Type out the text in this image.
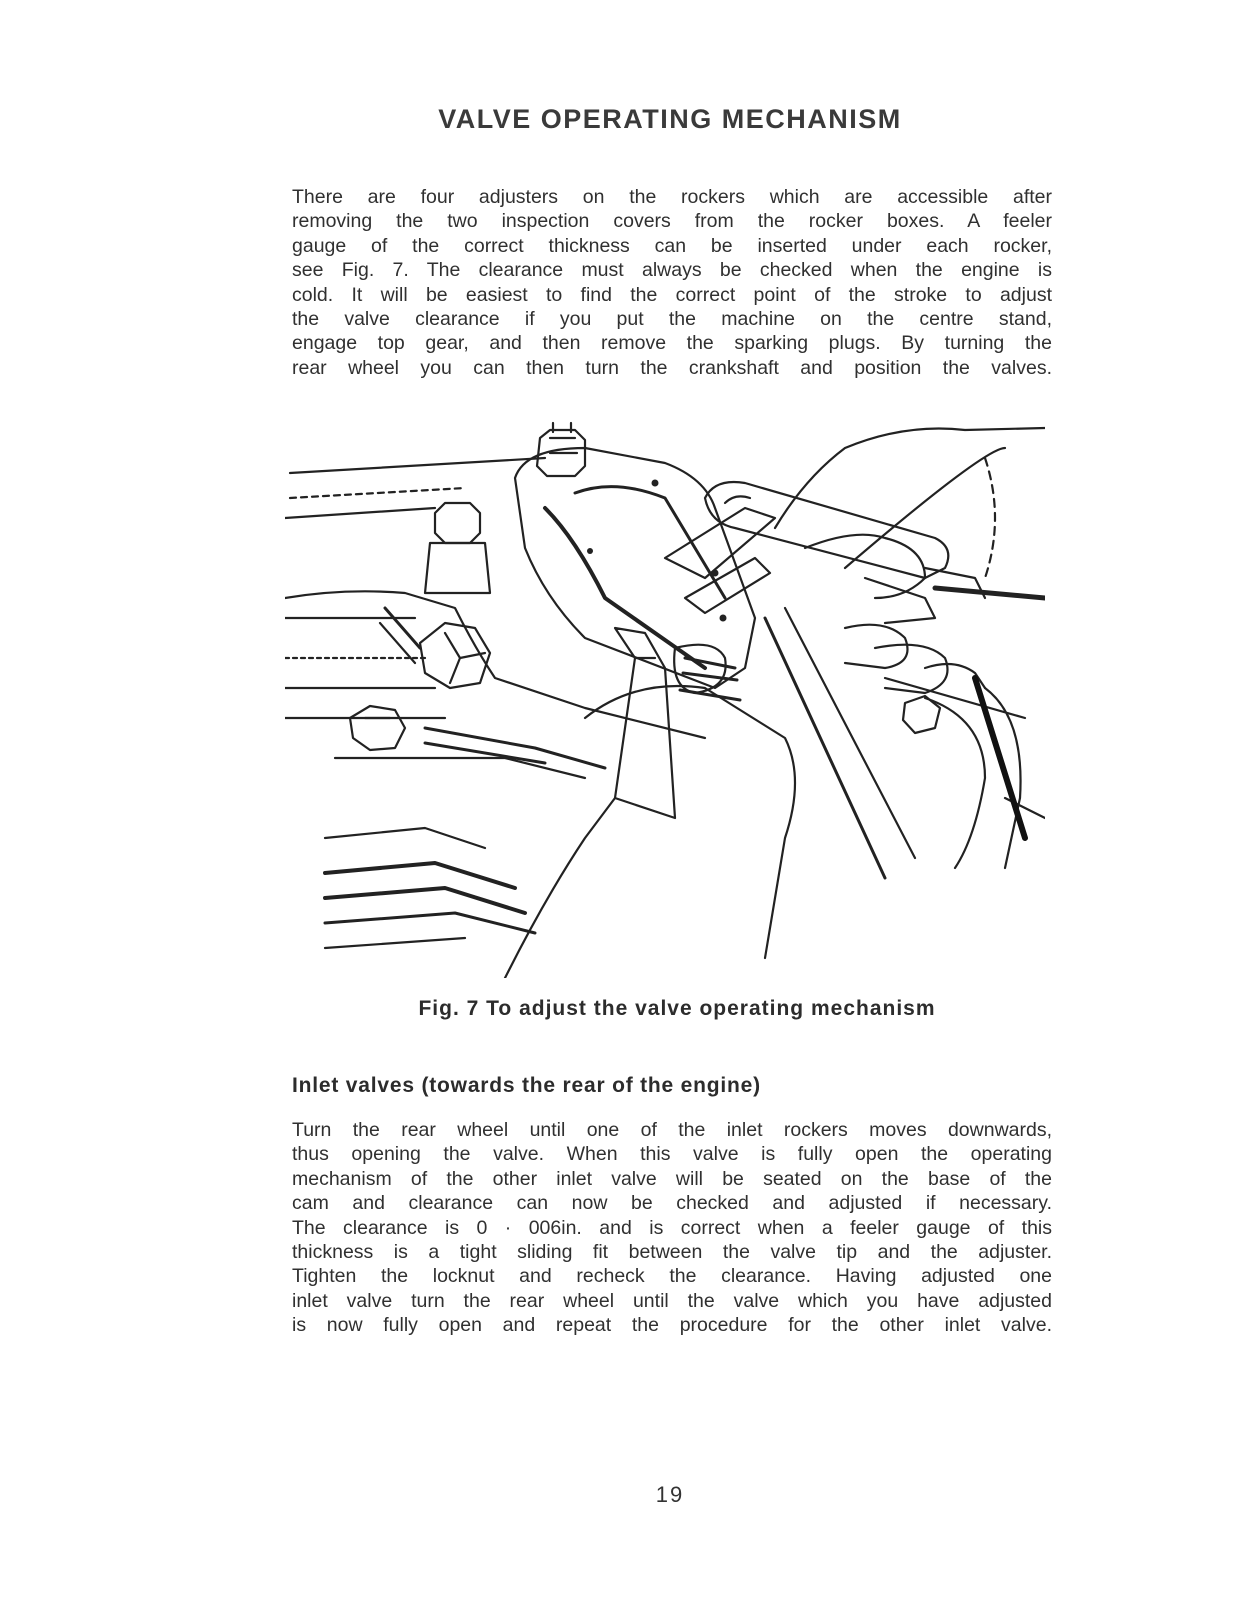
VALVE OPERATING MECHANISM

There are four adjusters on the rockers which are accessible after
removing the two inspection covers from the rocker boxes. A feeler
gauge of the correct thickness can be inserted under each rocker,
see Fig. 7. The clearance must always be checked when the engine is
cold. It will be easiest to find the correct point of the stroke to adjust
the valve clearance if you put the machine on the centre stand,
engage top gear, and then remove the sparking plugs. By turning the
rear wheel you can then turn the crankshaft and position the valves.

Fig. 7 To adjust the valve operating mechanism

Inlet valves (towards the rear of the engine)

Turn the rear wheel until one of the inlet rockers moves downwards,
thus opening the valve. When this valve is fully open the operating
mechanism of the other inlet valve will be seated on the base of the
cam and clearance can now be checked and adjusted if necessary.
The clearance is 0 · 006in. and is correct when a feeler gauge of this
thickness is a tight sliding fit between the valve tip and the adjuster.
Tighten the locknut and recheck the clearance. Having adjusted one
inlet valve turn the rear wheel until the valve which you have adjusted
is now fully open and repeat the procedure for the other inlet valve.

19
